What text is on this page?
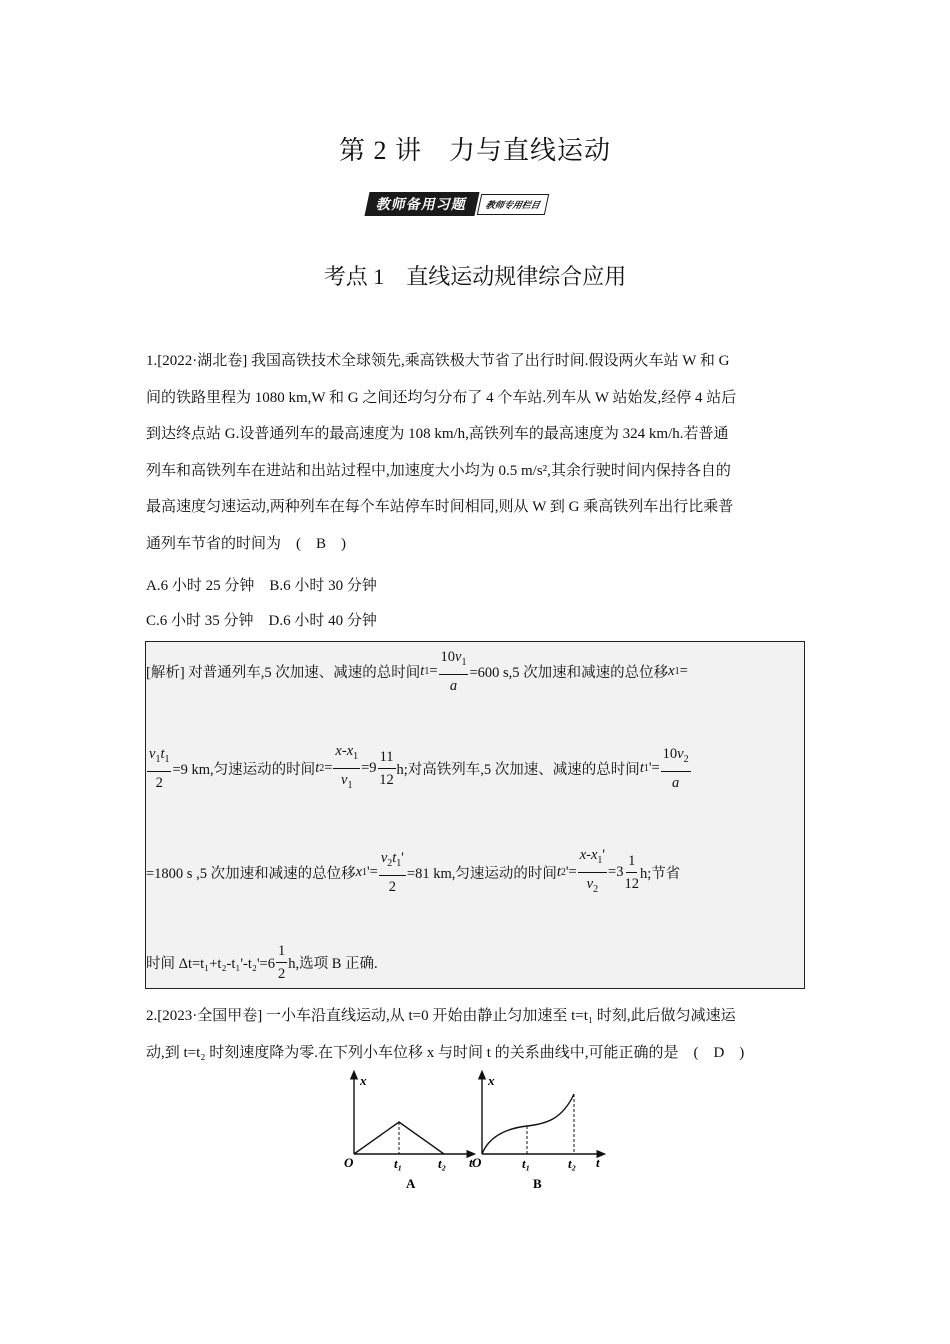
第 2 讲　力与直线运动
教师备用习题	教师专用栏目
考点 1　直线运动规律综合应用
1.[2022·湖北卷] 我国高铁技术全球领先,乘高铁极大节省了出行时间.假设两火车站 W 和 G
间的铁路里程为 1080 km,W 和 G 之间还均匀分布了 4 个车站.列车从 W 站始发,经停 4 站后
到达终点站 G.设普通列车的最高速度为 108 km/h,高铁列车的最高速度为 324 km/h.若普通
列车和高铁列车在进站和出站过程中,加速度大小均为 0.5 m/s²,其余行驶时间内保持各自的
最高速度匀速运动,两种列车在每个车站停车时间相同,则从 W 到 G 乘高铁列车出行比乘普
通列车节省的时间为　(　B　)
A.6 小时 25 分钟　B.6 小时 30 分钟
C.6 小时 35 分钟　D.6 小时 40 分钟
[解析] 对普通列车,5 次加速、减速的总时间 t $1 = \frac{10v_1}{a} =600$ s,5 次加速和减速的总位移 x 1 =
$\frac{v_1t_1}{2} =9$ km,匀速运动的时间 t $2 = \frac{x-x_1}{v_1} =9 \frac{11}{12} h$;对高铁列车,5 次加速、减速的总时间 t 1 '= $\frac{10v_2}{a}$
=1800 s ,5 次加速和减速的总位移 x 1 '= $\frac{v_2t_1'}{2} =81$ km,匀速运动的时间 t 2 '= $\frac{x-x_1'}{v_2} =3 \frac{1}{12} h$;节省
时间 $\Delta t=t_1+t_2-t_1'-t_2'=6 \frac{1}{2} h$,选项 B 正确.
2.[2023·全国甲卷] 一小车沿直线运动,从 t=0 开始由静止匀加速至 t=t₁ 时刻,此后做匀减速运
动,到 t=t₂ 时刻速度降为零.在下列小车位移 x 与时间 t 的关系曲线中,可能正确的是　(　D　)
x
O	t₁	t₂ t
A
x
O	t₁	t₂ t
B
